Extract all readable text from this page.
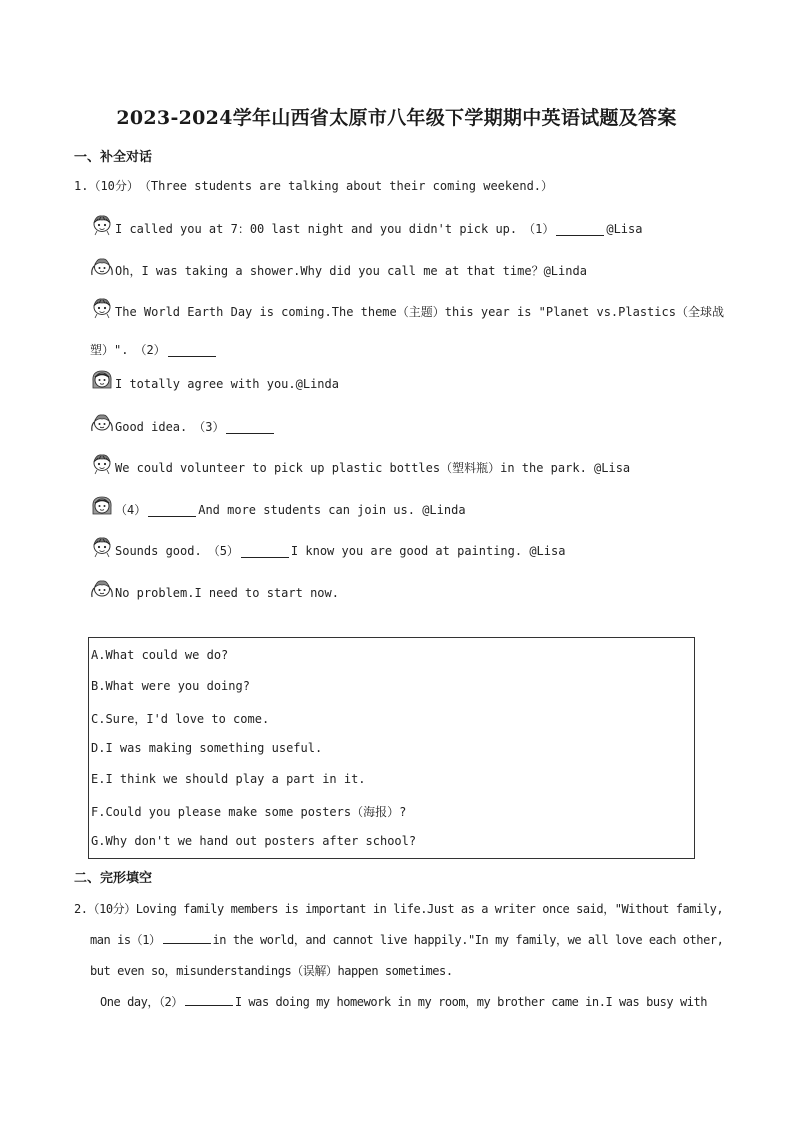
2023-2024学年山西省太原市八年级下学期期中英语试题及答案
一、补全对话
1.（10分）　（Three students are talking about their coming weekend.）
I called you at 7：00 last night and you didn't pick up.　（1）	@Lisa
Oh，I was taking a shower.Why did you call me at that time？@Linda
The World Earth Day is coming.The theme（主题）this year is "Planet vs.Plastics（全球战
塑）".　（2）
I totally agree with you.@Linda
Good idea.　（3）
We could volunteer to pick up plastic bottles（塑料瓶）in the park. @Lisa
（4）	And more students can join us. @Linda
Sounds good.　（5）	I know you are good at painting. @Lisa
No problem.I need to start now.
A.What could we do?
B.What were you doing?
C.Sure，I'd love to come.
D.I was making something useful.
E.I think we should play a part in it.
F.Could you please make some posters（海报）?
G.Why don't we hand out posters after school?
二、完形填空
2.（10分）Loving family members is important in life.Just as a writer once said，"Without family,
man is（1）	in the world，and cannot live happily."In my family，we all love each other,
but even so，misunderstandings（误解）happen sometimes.
One day，（2）	I was doing my homework in my room，my brother came in.I was busy with
